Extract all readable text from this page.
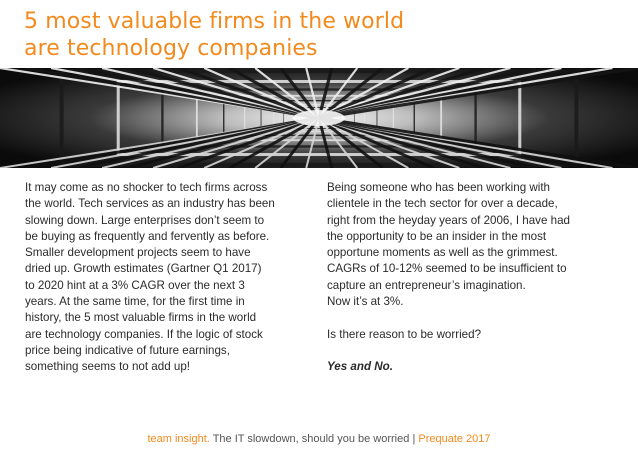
5 most valuable firms in the world
are technology companies
It may come as no shocker to tech firms across
the world. Tech services as an industry has been
slowing down. Large enterprises don’t seem to
be buying as frequently and fervently as before.
Smaller development projects seem to have
dried up. Growth estimates (Gartner Q1 2017)
to 2020 hint at a 3% CAGR over the next 3
years. At the same time, for the first time in
history, the 5 most valuable firms in the world
are technology companies. If the logic of stock
price being indicative of future earnings,
something seems to not add up!
Being someone who has been working with
clientele in the tech sector for over a decade,
right from the heyday years of 2006, I have had
the opportunity to be an insider in the most
opportune moments as well as the grimmest.
CAGRs of 10-12% seemed to be insufficient to
capture an entrepreneur’s imagination.
Now it’s at 3%.
Is there reason to be worried?
Yes and No.
team insight. The IT slowdown, should you be worried | Prequate 2017
